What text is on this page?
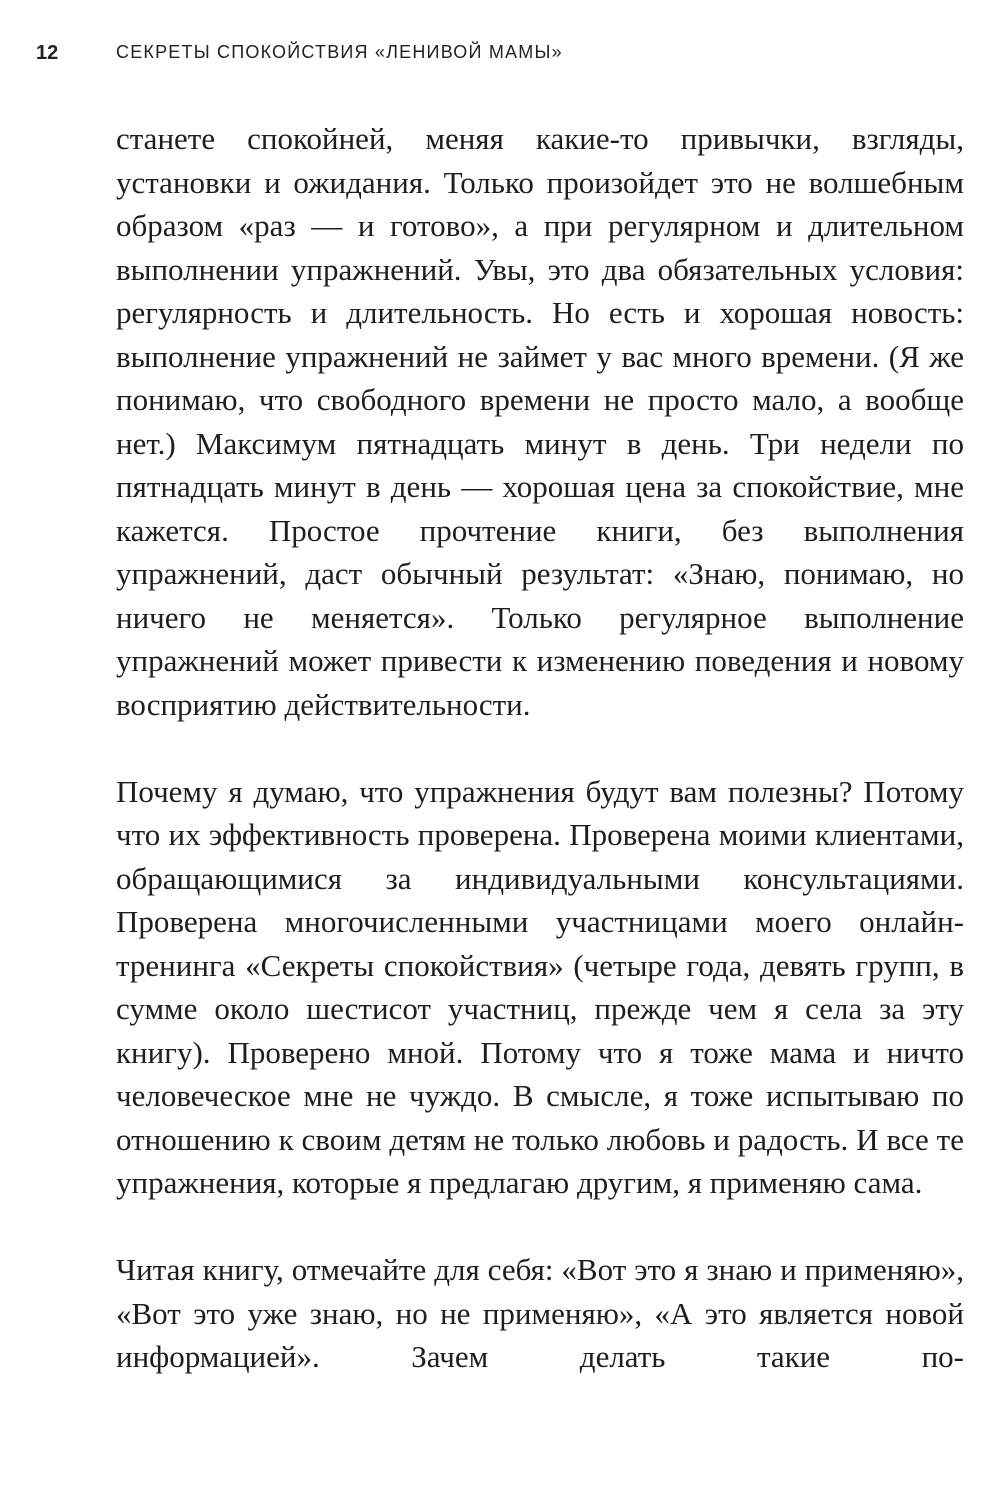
12	СЕКРЕТЫ СПОКОЙСТВИЯ «ЛЕНИВОЙ МАМЫ»

станете спокойней, меняя какие-то привычки, взгляды, установки и ожидания. Только произойдет это не волшебным образом «раз — и готово», а при регулярном и длительном выполнении упражнений. Увы, это два обязательных условия: регулярность и длительность. Но есть и хорошая новость: выполнение упражнений не займет у вас много времени. (Я же понимаю, что свободного времени не просто мало, а вообще нет.) Максимум пятнадцать минут в день. Три недели по пятнадцать минут в день — хорошая цена за спокойствие, мне кажется. Простое прочтение книги, без выполнения упражнений, даст обычный результат: «Знаю, понимаю, но ничего не меняется». Только регулярное выполнение упражнений может привести к изменению поведения и новому восприятию действительности.

Почему я думаю, что упражнения будут вам полезны? Потому что их эффективность проверена. Проверена моими клиентами, обращающимися за индивидуальными консультациями. Проверена многочисленными участницами моего онлайн-тренинга «Секреты спокойствия» (четыре года, девять групп, в сумме около шестисот участниц, прежде чем я села за эту книгу). Проверено мной. Потому что я тоже мама и ничто человеческое мне не чуждо. В смысле, я тоже испытываю по отношению к своим детям не только любовь и радость. И все те упражнения, которые я предлагаю другим, я применяю сама.

Читая книгу, отмечайте для себя: «Вот это я знаю и применяю», «Вот это уже знаю, но не применяю», «А это является новой информацией». Зачем делать такие по-
